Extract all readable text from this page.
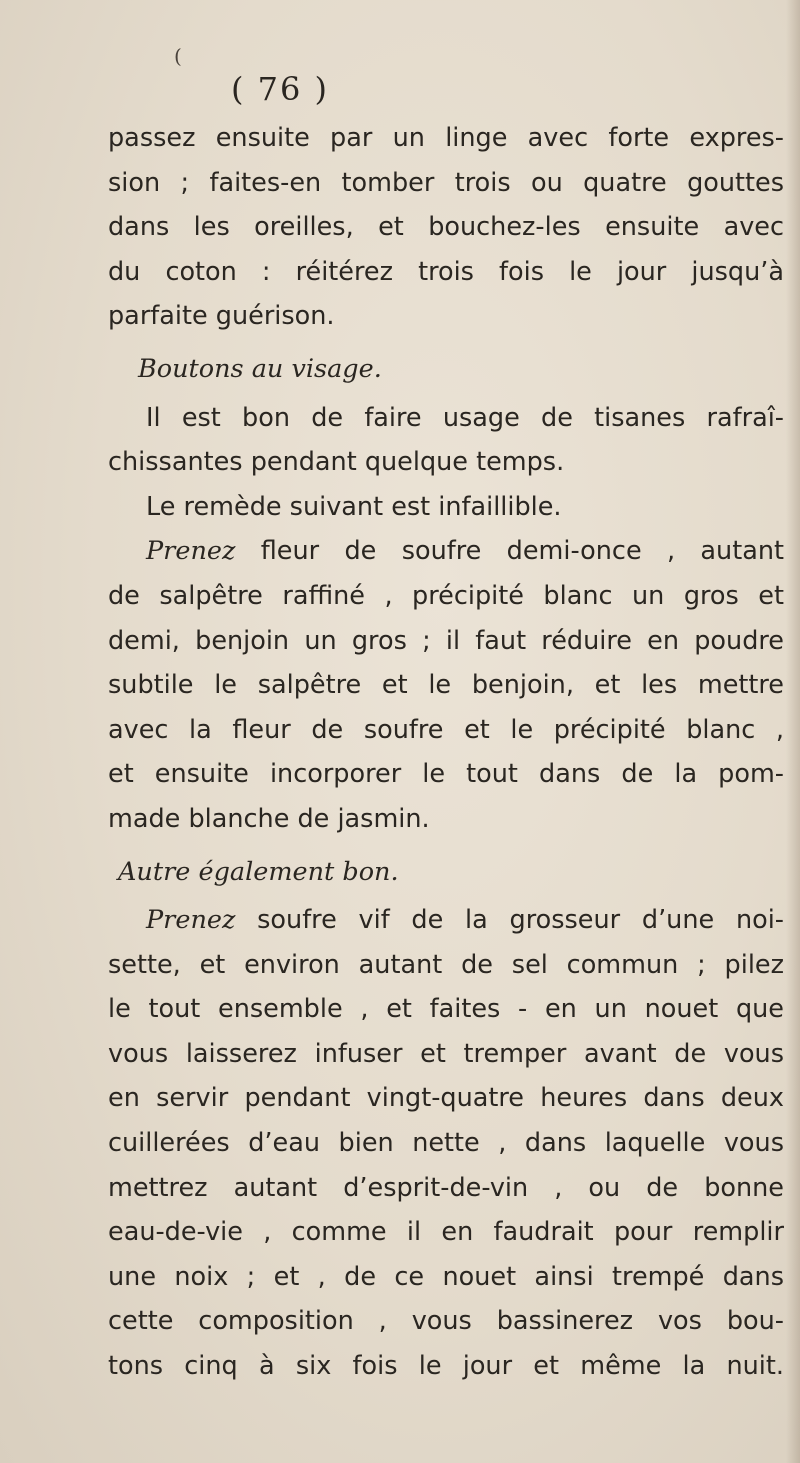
(
( 76 )
passez ensuite par un linge avec forte expres-
sion ; faites-en tomber trois ou quatre gouttes
dans les oreilles, et bouchez-les ensuite avec
du coton : réitérez trois fois le jour jusqu’à
parfaite guérison.
Boutons au visage.
Il est bon de faire usage de tisanes rafraî-
chissantes pendant quelque temps.
Le remède suivant est infaillible.
Prenez fleur de soufre demi-once , autant
de salpêtre raffiné , précipité blanc un gros et
demi, benjoin un gros ; il faut réduire en poudre
subtile le salpêtre et le benjoin, et les mettre
avec la fleur de soufre et le précipité blanc ,
et ensuite incorporer le tout dans de la pom-
made blanche de jasmin.
Autre également bon.
Prenez soufre vif de la grosseur d’une noi-
sette, et environ autant de sel commun ; pilez
le tout ensemble , et faites - en un nouet que
vous laisserez infuser et tremper avant de vous
en servir pendant vingt-quatre heures dans deux
cuillerées d’eau bien nette , dans laquelle vous
mettrez autant d’esprit-de-vin , ou de bonne
eau-de-vie , comme il en faudrait pour remplir
une noix ; et , de ce nouet ainsi trempé dans
cette composition , vous bassinerez vos bou-
tons cinq à six fois le jour et même la nuit.
